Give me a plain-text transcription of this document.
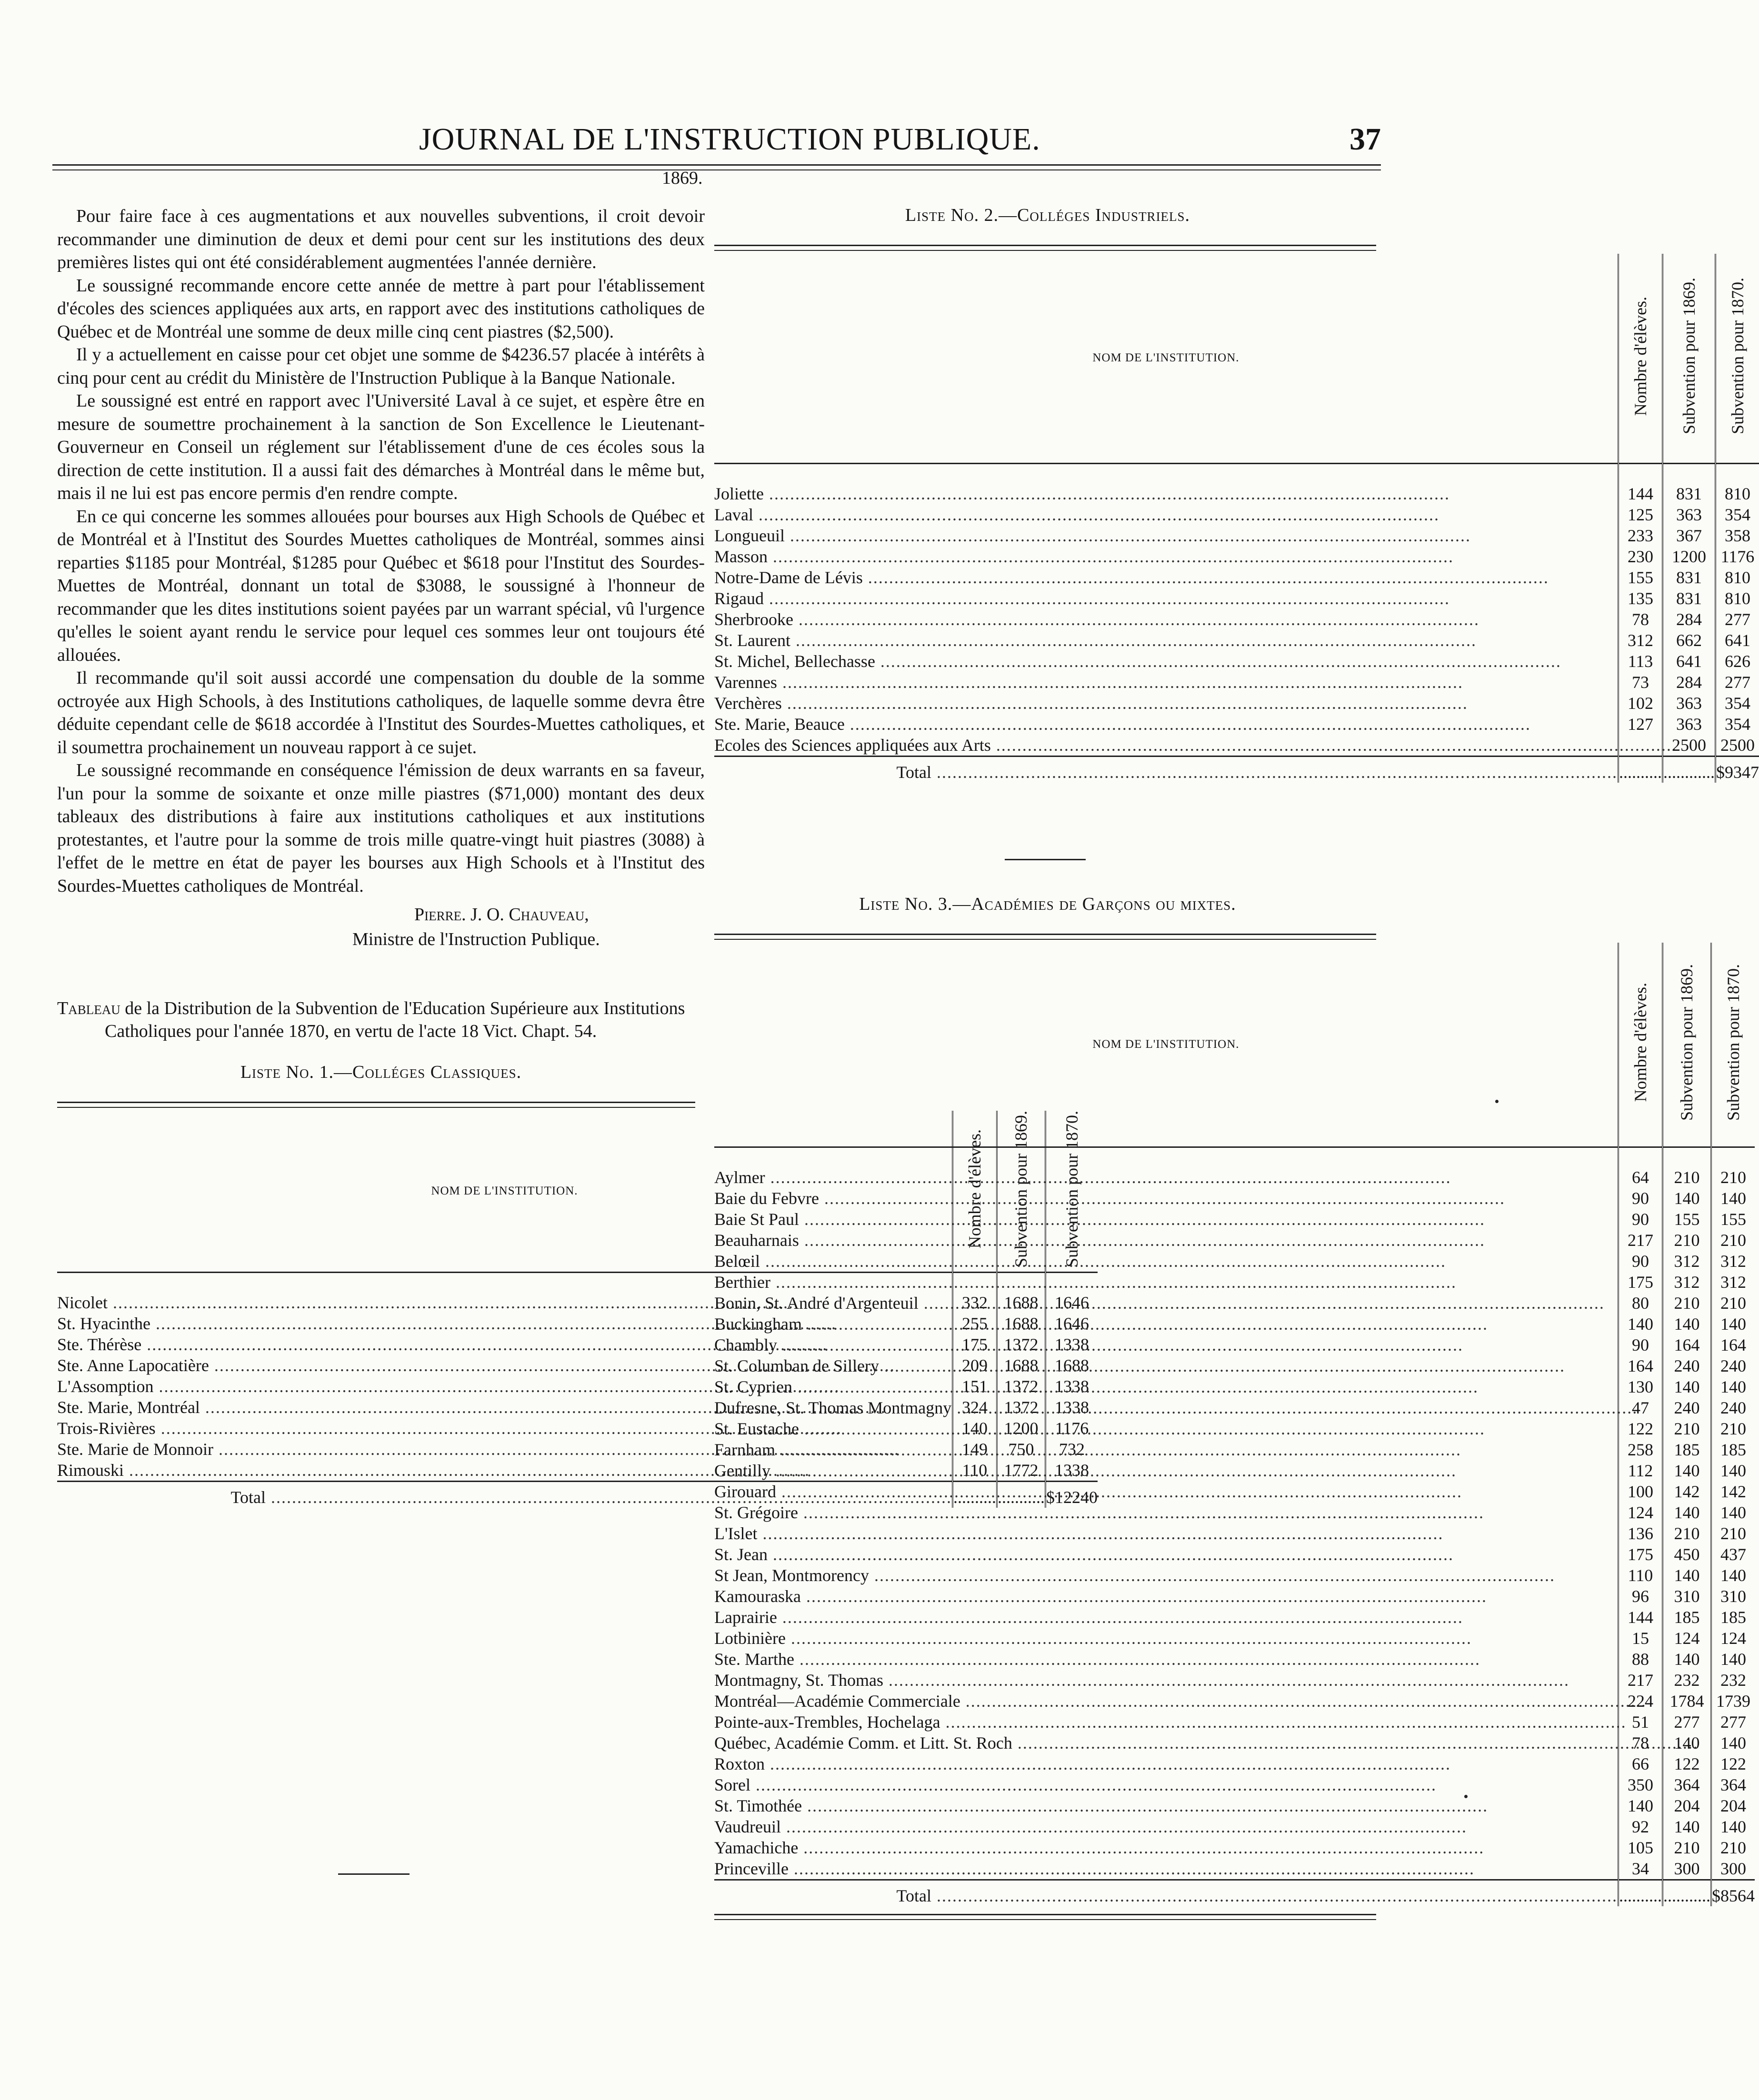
JOURNAL DE L'INSTRUCTION PUBLIQUE.	37
1869.

Pour faire face à ces augmentations et aux nouvelles subventions, il croit devoir recommander une diminution de deux et demi pour cent sur les institutions des deux premières listes qui ont été considérablement augmentées l'année dernière.

Le soussigné recommande encore cette année de mettre à part pour l'établissement d'écoles des sciences appliquées aux arts, en rapport avec des institutions catholiques de Québec et de Montréal une somme de deux mille cinq cent piastres ($2,500).

Il y a actuellement en caisse pour cet objet une somme de $4236.57 placée à intérêts à cinq pour cent au crédit du Ministère de l'Instruction Publique à la Banque Nationale.

Le soussigné est entré en rapport avec l'Université Laval à ce sujet, et espère être en mesure de soumettre prochainement à la sanction de Son Excellence le Lieutenant-Gouverneur en Conseil un réglement sur l'établissement d'une de ces écoles sous la direction de cette institution. Il a aussi fait des démarches à Montréal dans le même but, mais il ne lui est pas encore permis d'en rendre compte.

En ce qui concerne les sommes allouées pour bourses aux High Schools de Québec et de Montréal et à l'Institut des Sourdes Muettes catholiques de Montréal, sommes ainsi reparties $1185 pour Montréal, $1285 pour Québec et $618 pour l'Institut des Sourdes-Muettes de Montréal, donnant un total de $3088, le soussigné à l'honneur de recommander que les dites institutions soient payées par un warrant spécial, vû l'urgence qu'elles le soient ayant rendu le service pour lequel ces sommes leur ont toujours été allouées.

Il recommande qu'il soit aussi accordé une compensation du double de la somme octroyée aux High Schools, à des Institutions catholiques, de laquelle somme devra être déduite cependant celle de $618 accordée à l'Institut des Sourdes-Muettes catholiques, et il soumettra prochainement un nouveau rapport à ce sujet.

Le soussigné recommande en conséquence l'émission de deux warrants en sa faveur, l'un pour la somme de soixante et onze mille piastres ($71,000) montant des deux tableaux des distributions à faire aux institutions catholiques et aux institutions protestantes, et l'autre pour la somme de trois mille quatre-vingt huit piastres (3088) à l'effet de le mettre en état de payer les bourses aux High Schools et à l'Institut des Sourdes-Muettes catholiques de Montréal.

Pierre. J. O. Chauveau,
Ministre de l'Instruction Publique.
Tableau de la Distribution de la Subvention de l'Education Supérieure aux Institutions Catholiques pour l'année 1870, en vertu de l'acte 18 Vict. Chapt. 54.
Liste No. 1.—Colléges Classiques.
NOM DE L'INSTITUTION.	Nombre d'élèves.	Subvention pour 1869.	Subvention pour 1870.
Nicolet .....	332	1688	1646
St. Hyacinthe .....	255	1688	1646
Ste. Thérèse .....	175	1372	1338
Ste. Anne Lapocatière .....	209	1688	1688
L'Assomption .....	151	1372	1338
Ste. Marie, Montréal .....	324	1372	1338
Trois-Rivières .....	140	1200	1176
Ste. Marie de Monnoir .....	149	750	732
Rimouski .....	110	1772	1338
Total .....	..........	...........	$12240
Liste No. 2.—Colléges Industriels.
NOM DE L'INSTITUTION.	Nombre d'élèves.	Subvention pour 1869.	Subvention pour 1870.
Joliette .....	144	831	810
Laval .....	125	363	354
Longueuil .....	233	367	358
Masson .....	230	1200	1176
Notre-Dame de Lévis .....	155	831	810
Rigaud .....	135	831	810
Sherbrooke .....	78	284	277
St. Laurent .....	312	662	641
St. Michel, Bellechasse .....	113	641	626
Varennes .....	73	284	277
Verchères .....	102	363	354
Ste. Marie, Beauce .....	127	363	354
Ecoles des Sciences appliquées aux Arts .....		2500	2500
Total .....	..........	............	$9347
Liste No. 3.—Académies de Garçons ou mixtes.
NOM DE L'INSTITUTION.	Nombre d'élèves.	Subvention pour 1869.	Subvention pour 1870.
Aylmer .....	64	210	210
Baie du Febvre .....	90	140	140
Baie St Paul .....	90	155	155
Beauharnais .....	217	210	210
Belœil .....	90	312	312
Berthier .....	175	312	312
Bonin, St. André d'Argenteuil .....	80	210	210
Buckingham .....	140	140	140
Chambly .....	90	164	164
St. Columban de Sillery .....	164	240	240
St. Cyprien .....	130	140	140
Dufresne, St. Thomas Montmagny .....	47	240	240
St. Eustache .....	122	210	210
Farnham .....	258	185	185
Gentilly .....	112	140	140
Girouard .....	100	142	142
St. Grégoire .....	124	140	140
L'Islet .....	136	210	210
St. Jean .....	175	450	437
St Jean, Montmorency .....	110	140	140
Kamouraska .....	96	310	310
Laprairie .....	144	185	185
Lotbinière .....	15	124	124
Ste. Marthe .....	88	140	140
Montmagny, St. Thomas .....	217	232	232
Montréal—Académie Commerciale .....	224	1784	1739
Pointe-aux-Trembles, Hochelaga .....	51	277	277
Québec, Académie Comm. et Litt. St. Roch .....	78	140	140
Roxton .....	66	122	122
Sorel .....	350	364	364
St. Timothée .....	140	204	204
Vaudreuil .....	92	140	140
Yamachiche .....	105	210	210
Princeville .....	34	300	300
Total .....	..........	...........	$8564
